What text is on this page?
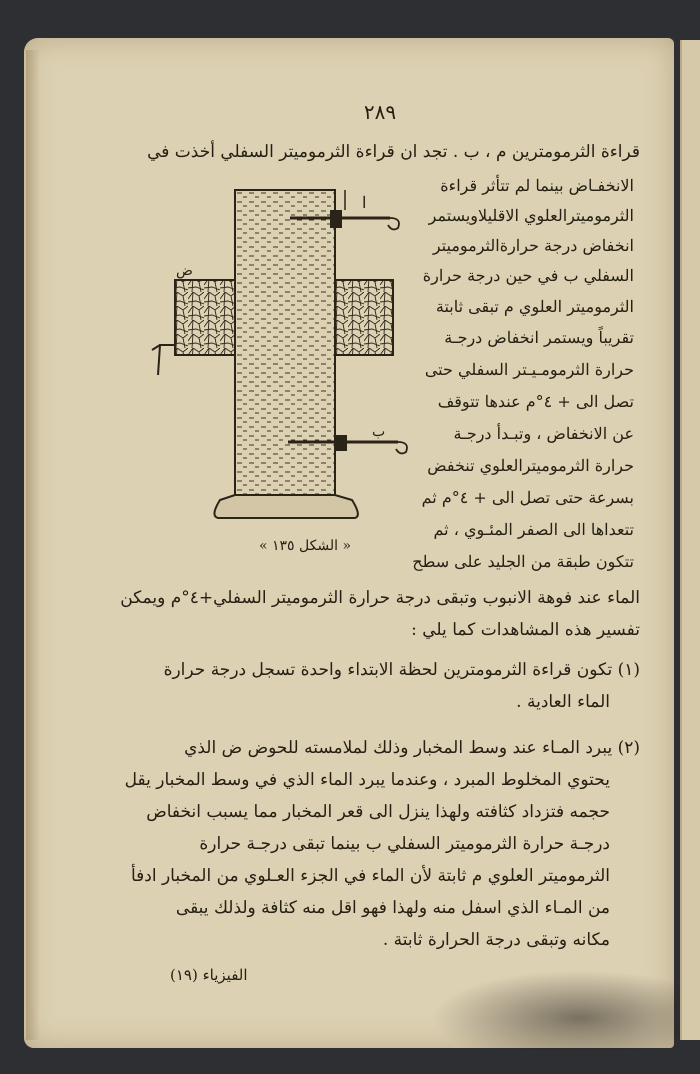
٢٨٩
قراءة الثرمومترين م ، ب . تجد ان قراءة الثرموميتر السفلي أخذت في
الانخفـاض بينما لم تتأثر قراءة
الثرموميترالعلوي الاقليلاويستمر
انخفاض درجة حرارةالثرموميتر
السفلي ب في حين درجة حرارة
الثرموميتر العلوي م تبقى ثابتة
تقريباً ويستمر انخفاض درجـة
حرارة الثرمومـيـتر السفلي حتى
تصل الى + ٤°م عندها تتوقف
عن الانخفاض ، وتبـدأ درجـة
حرارة الثرموميترالعلوي تنخفض
بسرعة حتى تصل الى + ٤°م ثم
تتعداها الى الصفر المئـوي ، ثم
تتكون طبقة من الجليد على سطح
ا
ب
ض
« الشكل ١٣٥ »
الماء عند فوهة الانبوب وتبقى درجة حرارة الثرموميتر السفلي+٤°م ويمكن
تفسير هذه المشاهدات كما يلي :
(١) تكون قراءة الثرمومترين لحظة الابتداء واحدة تسجل درجة حرارة
الماء العادية .
(٢) يبرد المـاء عند وسط المخبار وذلك لملامسته للحوض ض الذي
يحتوي المخلوط المبرد ، وعندما يبرد الماء الذي في وسط المخبار يقل
حجمه فتزداد كثافته ولهذا ينزل الى قعر المخبار مما يسبب انخفاض
درجـة حرارة الثرموميتر السفلي ب بينما تبقى درجـة حرارة
الثرموميتر العلوي م ثابتة لأن الماء في الجزء العـلوي من المخبار ادفأ
من المـاء الذي اسفل منه ولهذا فهو اقل منه كثافة ولذلك يبقى
مكانه وتبقى درجة الحرارة ثابتة .
الفيزياء (١٩)
